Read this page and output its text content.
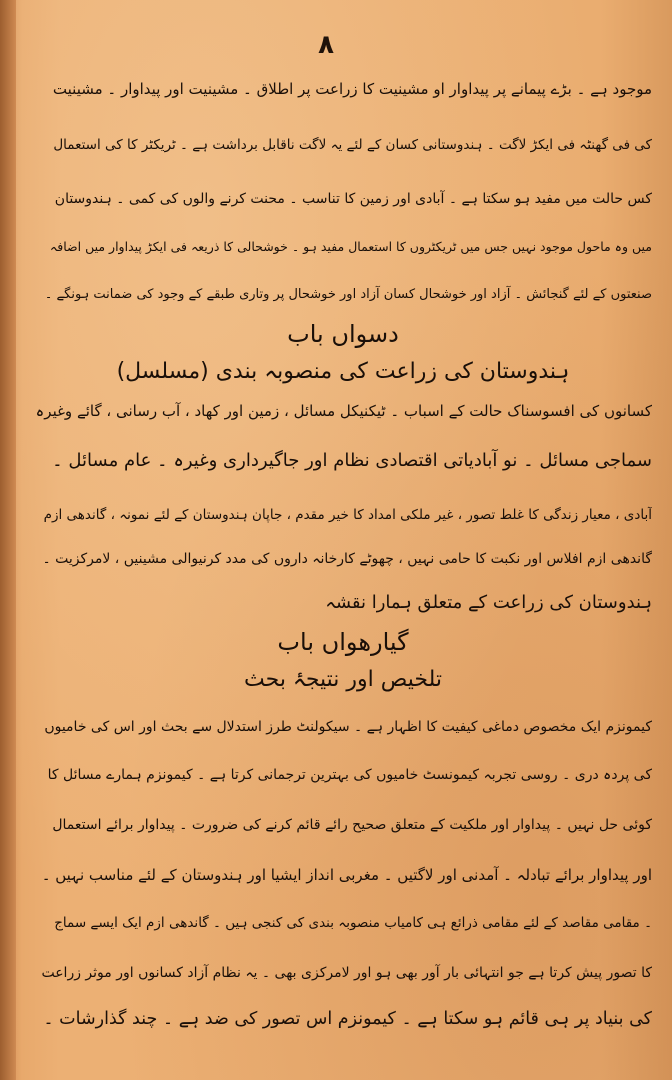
٨
موجود ہے ۔ بڑے پیمانے پر پیداوار او مشینیت کا زراعت پر اطلاق ۔ مشینیت اور پیداوار ۔ مشینیت
کی فی گھنٹہ فی ایکڑ لاگت ۔ ہندوستانی کسان کے لئے یہ لاگت ناقابل برداشت ہے ۔ ٹریکٹر کا کی استعمال
کس حالت میں مفید ہو سکتا ہے ۔ آبادی اور زمین کا تناسب ۔ محنت کرنے والوں کی کمی ۔ ہندوستان
میں وہ ماحول موجود نہیں جس میں ٹریکٹروں کا استعمال مفید ہو ۔ خوشحالی کا ذریعہ فی ایکڑ پیداوار میں اضافہ
صنعتوں کے لئے گنجائش ۔ آزاد اور خوشحال کسان آزاد اور خوشحال پر وتاری طبقے کے وجود کی ضمانت ہونگے ۔
دسواں باب
ہندوستان کی زراعت کی منصوبہ بندی (مسلسل)
کسانوں کی افسوسناک حالت کے اسباب ۔ ٹیکنیکل مسائل ، زمین اور کھاد ، آب رسانی ، گائے وغیرہ
سماجی مسائل ۔ نو آبادیاتی اقتصادی نظام اور جاگیرداری وغیرہ ۔ عام مسائل ۔
آبادی ، معیار زندگی کا غلط تصور ، غیر ملکی امداد کا خیر مقدم ، جاپان ہندوستان کے لئے نمونہ ، گاندھی ازم
گاندھی ازم افلاس اور نکبت کا حامی نہیں ، چھوٹے کارخانہ داروں کی مدد کرنیوالی مشینیں ، لامرکزیت ۔
ہندوستان کی زراعت کے متعلق ہمارا نقشہ
گیارھواں باب
تلخیص اور نتیجۂ بحث
کیمونزم ایک مخصوص دماغی کیفیت کا اظہار ہے ۔ سیکولنٹ طرز استدلال سے بحث اور اس کی خامیوں
کی پردہ دری ۔ روسی تجربہ کیمونسٹ خامیوں کی بہترین ترجمانی کرتا ہے ۔ کیمونزم ہمارے مسائل کا
کوئی حل نہیں ۔ پیداوار اور ملکیت کے متعلق صحیح رائے قائم کرنے کی ضرورت ۔ پیداوار برائے استعمال
اور پیداوار برائے تبادلہ ۔ آمدنی اور لاگتیں ۔ مغربی انداز ایشیا اور ہندوستان کے لئے مناسب نہیں ۔
۔ مقامی مقاصد کے لئے مقامی ذرائع ہی کامیاب منصوبہ بندی کی کنجی ہیں ۔ گاندھی ازم ایک ایسے سماج
کا تصور پیش کرتا ہے جو انتہائی بار آور بھی ہو اور لامرکزی بھی ۔ یہ نظام آزاد کسانوں اور موثر زراعت
کی بنیاد پر ہی قائم ہو سکتا ہے ۔ کیمونزم اس تصور کی ضد ہے ۔ چند گذارشات ۔
